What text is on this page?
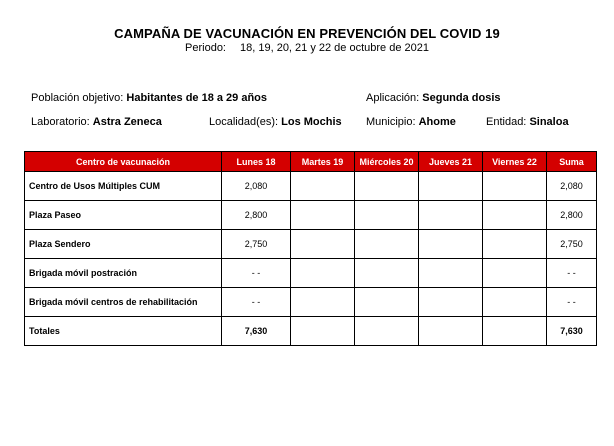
CAMPAÑA DE VACUNACIÓN EN PREVENCIÓN DEL COVID 19
Periodo: 18, 19, 20, 21 y 22 de octubre de 2021
Población objetivo: Habitantes de 18 a 29 años	Aplicación: Segunda dosis
Laboratorio: Astra Zeneca	Localidad(es): Los Mochis Municipio: Ahome	Entidad: Sinaloa
Centro de vacunación	Lunes 18	Martes 19	Miércoles 20	Jueves 21	Viernes 22	Suma
Centro de Usos Múltiples CUM	2,080					2,080
Plaza Paseo	2,800					2,800
Plaza Sendero	2,750					2,750
Brigada móvil postración	- -					- -
Brigada móvil centros de rehabilitación	- -					- -
Totales	7,630					7,630
